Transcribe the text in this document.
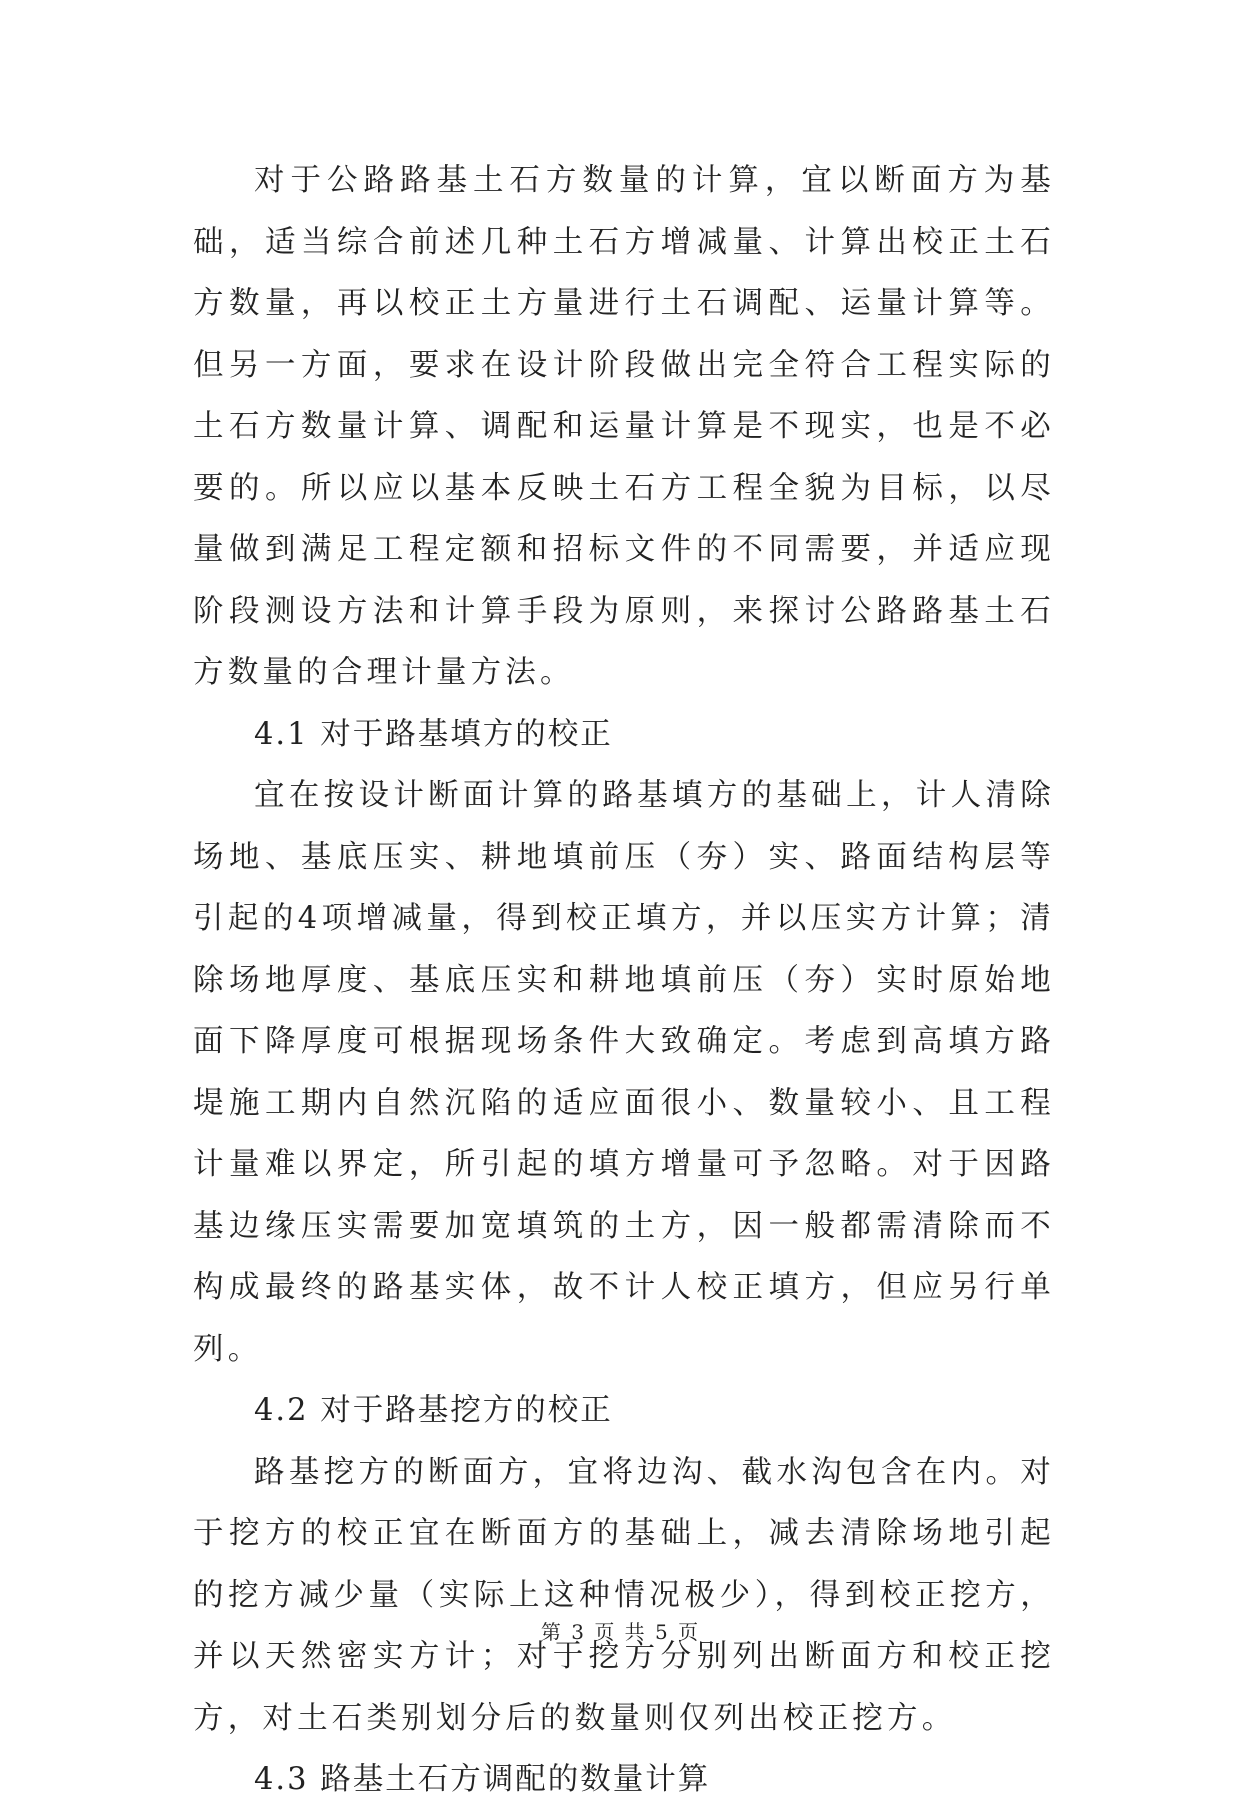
对于公路路基土石方数量的计算，宜以断面方为基础，适当综合前述几种土石方增减量、计算出校正土石方数量，再以校正土方量进行土石调配、运量计算等。但另一方面，要求在设计阶段做出完全符合工程实际的土石方数量计算、调配和运量计算是不现实，也是不必要的。所以应以基本反映土石方工程全貌为目标，以尽量做到满足工程定额和招标文件的不同需要，并适应现阶段测设方法和计算手段为原则，来探讨公路路基土石方数量的合理计量方法。

4.1 对于路基填方的校正

宜在按设计断面计算的路基填方的基础上，计人清除场地、基底压实、耕地填前压（夯）实、路面结构层等引起的4项增减量，得到校正填方，并以压实方计算；清除场地厚度、基底压实和耕地填前压（夯）实时原始地面下降厚度可根据现场条件大致确定。考虑到高填方路堤施工期内自然沉陷的适应面很小、数量较小、且工程计量难以界定，所引起的填方增量可予忽略。对于因路基边缘压实需要加宽填筑的土方，因一般都需清除而不构成最终的路基实体，故不计人校正填方，但应另行单列。

4.2 对于路基挖方的校正

路基挖方的断面方，宜将边沟、截水沟包含在内。对于挖方的校正宜在断面方的基础上，减去清除场地引起的挖方减少量（实际上这种情况极少），得到校正挖方，并以天然密实方计；对于挖方分别列出断面方和校正挖方，对土石类别划分后的数量则仅列出校正挖方。

4.3 路基土石方调配的数量计算

第 3 页 共 5 页
